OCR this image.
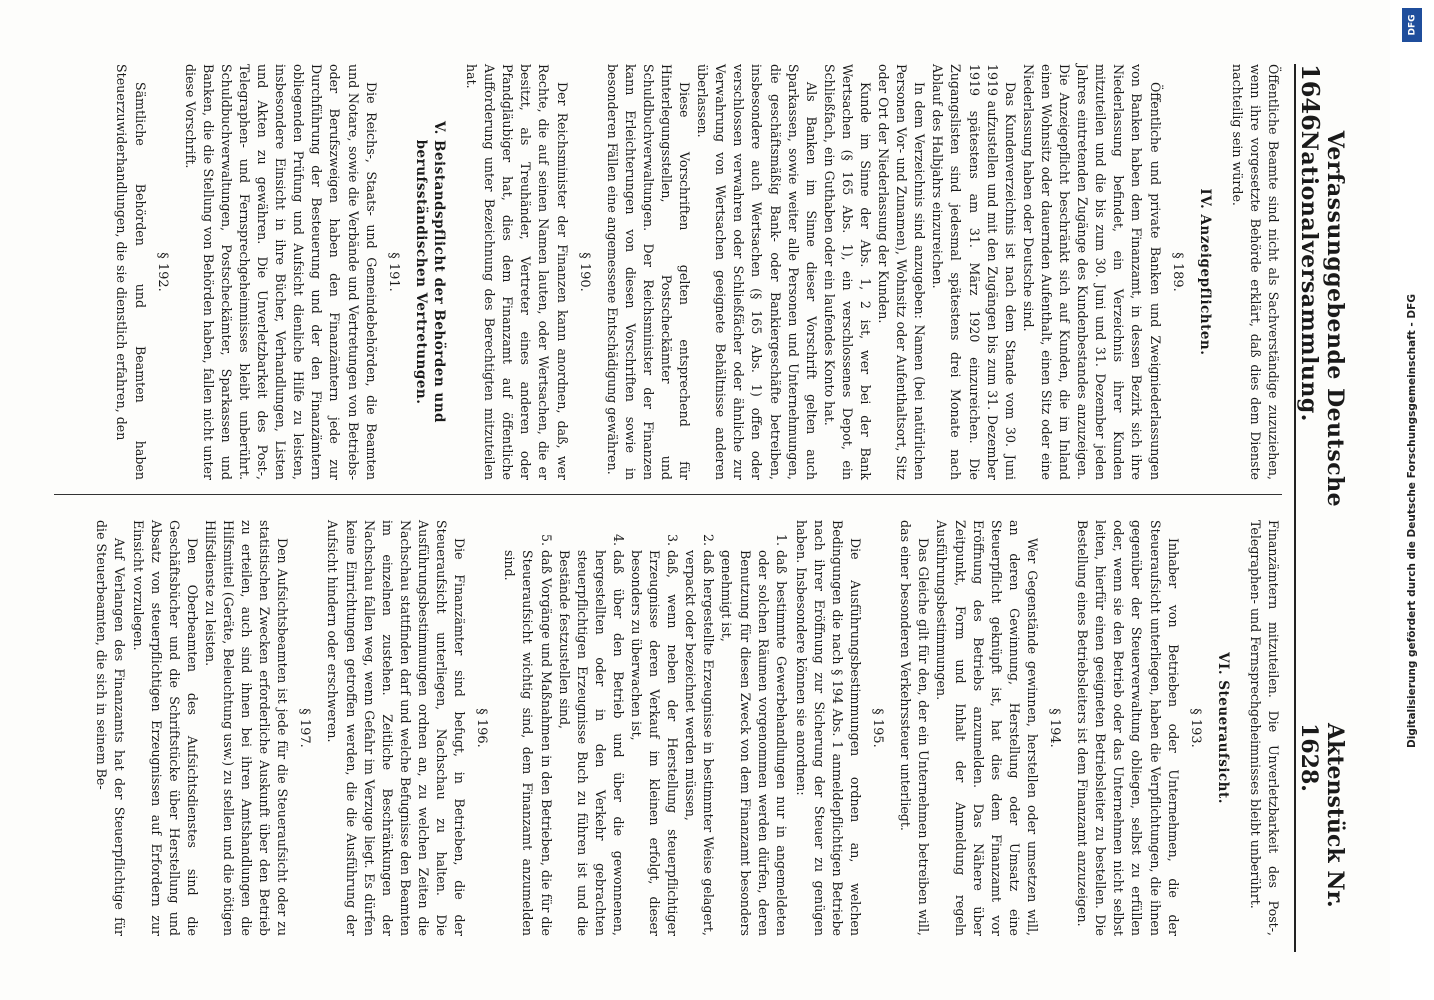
1646
Verfassunggebende Deutsche Nationalversammlung.
Aktenstück Nr. 1628.

Öffentliche Beamte sind nicht als Sachverständige zuzuziehen, wenn ihre vorgesetzte Behörde erklärt, daß dies dem Dienste nachteilig sein würde.

IV. Anzeigepflichten.
§ 189.

Öffentliche und private Banken und Zweigniederlassungen von Banken haben dem Finanzamt, in dessen Bezirk sich ihre Niederlassung befindet, ein Verzeichnis ihrer Kunden mitzuteilen und die bis zum 30. Juni und 31. Dezember jeden Jahres eintretenden Zugänge des Kundenbestandes anzuzeigen. Die Anzeigepflicht beschränkt sich auf Kunden, die im Inland einen Wohnsitz oder dauernden Aufenthalt, einen Sitz oder eine Niederlassung haben oder Deutsche sind.

Das Kundenverzeichnis ist nach dem Stande vom 30. Juni 1919 aufzustellen und mit den Zugängen bis zum 31. Dezember 1919 spätestens am 31. März 1920 einzureichen. Die Zugangslisten sind jedesmal spätestens drei Monate nach Ablauf des Halbjahrs einzureichen.

In dem Verzeichnis sind anzugeben: Namen (bei natürlichen Personen Vor- und Zunamen), Wohnsitz oder Aufenthaltsort, Sitz oder Ort der Niederlassung der Kunden.

Kunde im Sinne der Abs. 1, 2 ist, wer bei der Bank Wertsachen (§ 165 Abs. 1), ein verschlossenes Depot, ein Schließfach, ein Guthaben oder ein laufendes Konto hat.

Als Banken im Sinne dieser Vorschrift gelten auch Sparkassen, sowie weiter alle Personen und Unternehmungen, die geschäftsmäßig Bank- oder Bankiergeschäfte betreiben, insbesondere auch Wertsachen (§ 165 Abs. 1) offen oder verschlossen verwahren oder Schließfächer oder ähnliche zur Verwahrung von Wertsachen geeignete Behältnisse anderen überlassen.

Diese Vorschriften gelten entsprechend für Hinterlegungsstellen, Postscheckämter und Schuldbuchverwaltungen. Der Reichsminister der Finanzen kann Erleichterungen von diesen Vorschriften sowie in besonderen Fällen eine angemessene Entschädigung gewähren.

§ 190.

Der Reichsminister der Finanzen kann anordnen, daß, wer Rechte, die auf seinen Namen lauten, oder Wertsachen, die er besitzt, als Treuhänder, Vertreter eines anderen oder Pfandgläubiger hat, dies dem Finanzamt auf öffentliche Aufforderung unter Bezeichnung des Berechtigten mitzuteilen hat.

V. Beistandspflicht der Behörden und berufsständischen Vertretungen.
§ 191.

Die Reichs-, Staats- und Gemeindebehörden, die Beamten und Notare, sowie die Verbände und Vertretungen von Betriebs- oder Berufszweigen haben den Finanzämtern jede zur Durchführung der Besteuerung und der den Finanzämtern obliegenden Prüfung und Aufsicht dienliche Hilfe zu leisten, insbesondere Einsicht in ihre Bücher, Verhandlungen, Listen und Akten zu gewähren. Die Unverletzbarkeit des Post-, Telegraphen- und Fernsprechgeheimnisses bleibt unberührt. Schuldbuchverwaltungen, Postscheckämter, Sparkassen und Banken, die die Stellung von Behörden haben, fallen nicht unter diese Vorschrift.

§ 192.

Sämtliche Behörden und Beamten haben Steuerzuwiderhandlungen, die sie dienstlich erfahren, den

Finanzämtern mitzuteilen. Die Unverletzbarkeit des Post-, Telegraphen- und Fernsprechgeheimnisses bleibt unberührt.

VI. Steueraufsicht.
§ 193.

Inhaber von Betrieben oder Unternehmen, die der Steueraufsicht unterliegen, haben die Verpflichtungen, die ihnen gegenüber der Steuerverwaltung obliegen, selbst zu erfüllen oder, wenn sie den Betrieb oder das Unternehmen nicht selbst leiten, hierfür einen geeigneten Betriebsleiter zu bestellen. Die Bestellung eines Betriebsleiters ist dem Finanzamt anzuzeigen.

§ 194.

Wer Gegenstände gewinnen, herstellen oder umsetzen will, an deren Gewinnung, Herstellung oder Umsatz eine Steuerpflicht geknüpft ist, hat dies dem Finanzamt vor Eröffnung des Betriebs anzumelden. Das Nähere über Zeitpunkt, Form und Inhalt der Anmeldung regeln Ausführungsbestimmungen.

Das Gleiche gilt für den, der ein Unternehmen betreiben will, das einer besonderen Verkehrssteuer unterliegt.

§ 195.

Die Ausführungsbestimmungen ordnen an, welchen Bedingungen die nach § 194 Abs. 1 anmeldepflichtigen Betriebe nach ihrer Eröffnung zur Sicherung der Steuer zu genügen haben. Insbesondere können sie anordnen:

1. daß bestimmte Gewerbehandlungen nur in angemeldeten oder solchen Räumen vorgenommen werden dürfen, deren Benutzung für diesen Zweck von dem Finanzamt besonders genehmigt ist,
2. daß hergestellte Erzeugnisse in bestimmter Weise gelagert, verpackt oder bezeichnet werden müssen,
3. daß, wenn neben der Herstellung steuerpflichtiger Erzeugnisse deren Verkauf im kleinen erfolgt, dieser besonders zu überwachen ist,
4. daß über den Betrieb und über die gewonnenen, hergestellten oder in den Verkehr gebrachten steuerpflichtigen Erzeugnisse Buch zu führen ist und die Bestände festzustellen sind,
5. daß Vorgänge und Maßnahmen in den Betrieben, die für die Steueraufsicht wichtig sind, dem Finanzamt anzumelden sind.
§ 196.

Die Finanzämter sind befugt, in Betrieben, die der Steueraufsicht unterliegen, Nachschau zu halten. Die Ausführungsbestimmungen ordnen an, zu welchen Zeiten die Nachschau stattfinden darf und welche Befugnisse den Beamten im einzelnen zustehen. Zeitliche Beschränkungen der Nachschau fallen weg, wenn Gefahr im Verzuge liegt. Es dürfen keine Einrichtungen getroffen werden, die die Ausführung der Aufsicht hindern oder erschweren.

§ 197.

Den Aufsichtsbeamten ist jede für die Steueraufsicht oder zu statistischen Zwecken erforderliche Auskunft über den Betrieb zu erteilen, auch sind ihnen bei ihren Amtshandlungen die Hilfsmittel (Geräte, Beleuchtung usw.) zu stellen und die nötigen Hilfsdienste zu leisten.

Den Oberbeamten des Aufsichtsdienstes sind die Geschäftsbücher und die Schriftstücke über Herstellung und Absatz von steuerpflichtigen Erzeugnissen auf Erfordern zur Einsicht vorzulegen.

Auf Verlangen des Finanzamts hat der Steuerpflichtige für die Steuerbeamten, die sich in seinem Be-

DFG
Digitalisierung gefördert durch die Deutsche Forschungsgemeinschaft - DFG
